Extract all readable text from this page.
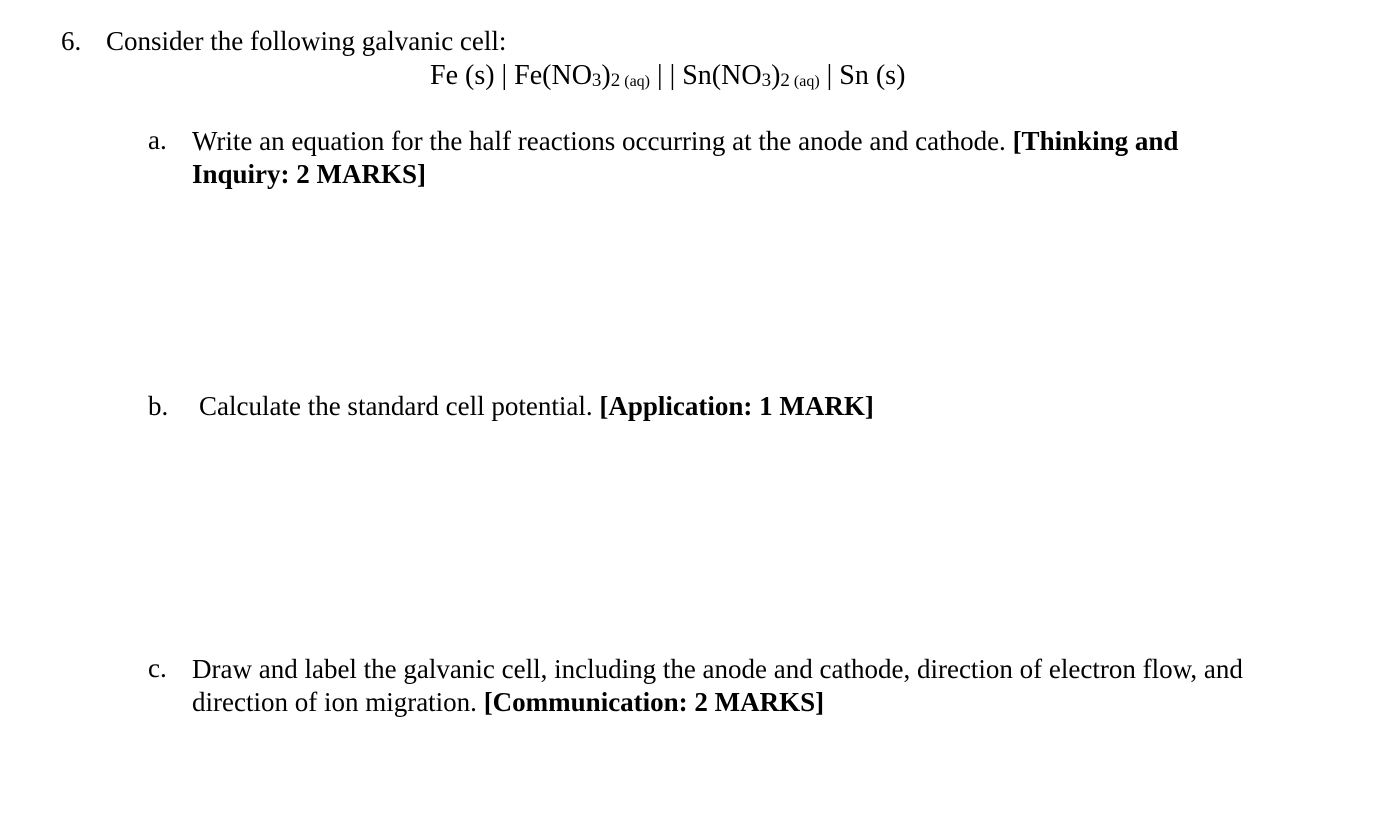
6. Consider the following galvanic cell:
Fe (s) | Fe(NO3)2 (aq) | | Sn(NO3)2 (aq) | Sn (s)
a. Write an equation for the half reactions occurring at the anode and cathode. [Thinking and
Inquiry: 2 MARKS]
b. Calculate the standard cell potential. [Application: 1 MARK]
c. Draw and label the galvanic cell, including the anode and cathode, direction of electron flow, and
direction of ion migration. [Communication: 2 MARKS]
